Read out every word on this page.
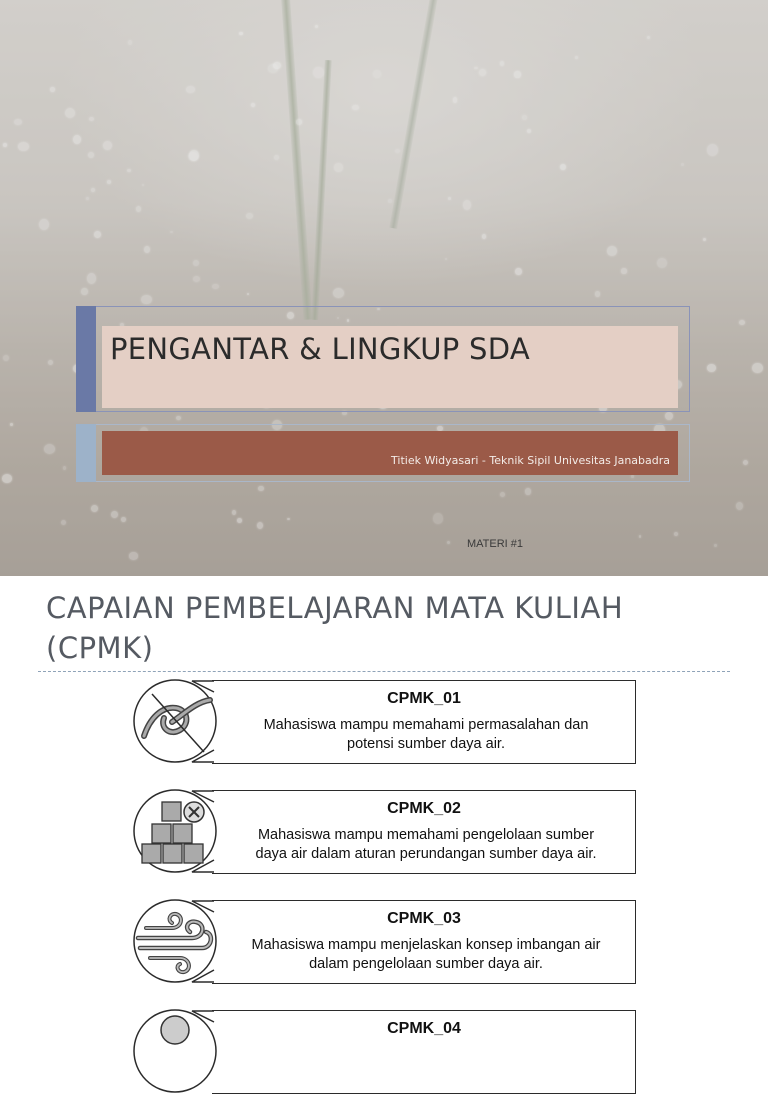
PENGANTAR & LINGKUP SDA
Titiek Widyasari - Teknik Sipil Univesitas Janabadra
MATERI #1
CAPAIAN PEMBELAJARAN MATA KULIAH
(CPMK)
CPMK_01
Mahasiswa mampu memahami permasalahan dan
potensi sumber daya air.
CPMK_02
Mahasiswa mampu memahami pengelolaan sumber
daya air dalam aturan perundangan sumber daya air.
CPMK_03
Mahasiswa mampu menjelaskan konsep imbangan air
dalam pengelolaan sumber daya air.
CPMK_04
